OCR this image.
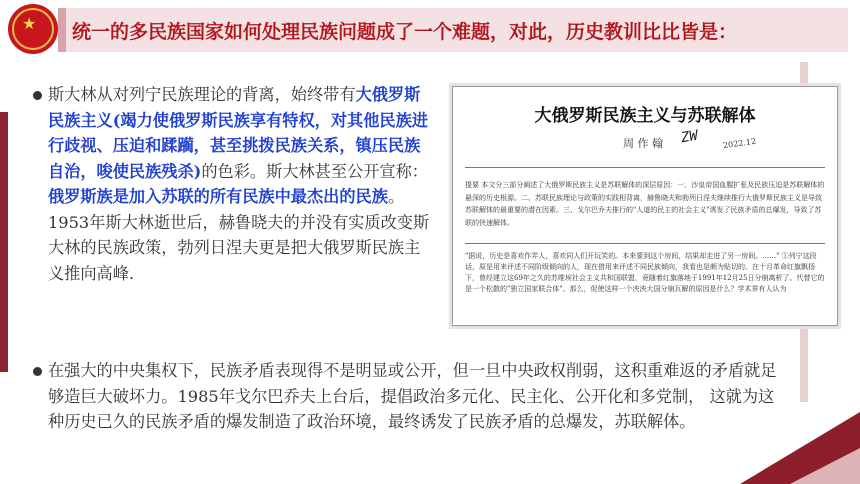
★ 统一的多民族国家如何处理民族问题成了一个难题，对此，历史教训比比皆是：
斯大林从对列宁民族理论的背离，始终带有大俄罗斯民族主义(竭力使俄罗斯民族享有特权，对其他民族进行歧视、压迫和蹂躏，甚至挑拨民族关系，镇压民族自治，唆使民族残杀)的色彩。斯大林甚至公开宣称：俄罗斯族是加入苏联的所有民族中最杰出的民族。1953年斯大林逝世后，赫鲁晓夫的并没有实质改变斯大林的民族政策，勃列日涅夫更是把大俄罗斯民族主义推向高峰.
大俄罗斯民族主义与苏联解体
周 作 翰 ZW	2022.12
提要 本文分三部分阐述了大俄罗斯民族主义是苏联解体的深层原因：一、沙皇帝国血腥扩张及民族压迫是苏联解体的悬深的历史根源。二、苏联民族理论与政策的实践相背离，赫鲁晓夫和勃列日涅夫继续推行大俄罗斯民族主义是导致苏联解体的最重要的潜在因素。三、戈尔巴乔夫推行的"人道的民主的社会主义"诱发了民族矛盾的总爆发，导致了苏联的快速解体。
"据说，历史是喜欢作弄人，喜欢同人们开玩笑的。本来要到这个房间，结果却走进了另一房间。……" ①列宁这段话，原是用来评述不同阶级倾向的人，现在借用来评述不同民族倾向，我看也是颇为贴切的。在十月革命红旗飘扬下，曾经建立这69年之久的苏维埃社会主义共和国联盟，竟随着红旗落地于1991年12月25日分崩离析了。代替它的是一个松散的"独立国家联合体"。那么，促使这样一个泱泱大国分崩瓦解的原因是什么？学术界有人认为
在强大的中央集权下，民族矛盾表现得不是明显或公开，但一旦中央政权削弱，这积重难返的矛盾就足够造巨大破坏力。1985年戈尔巴乔夫上台后，提倡政治多元化、民主化、公开化和多党制， 这就为这种历史已久的民族矛盾的爆发制造了政治环境，最终诱发了民族矛盾的总爆发，苏联解体。
